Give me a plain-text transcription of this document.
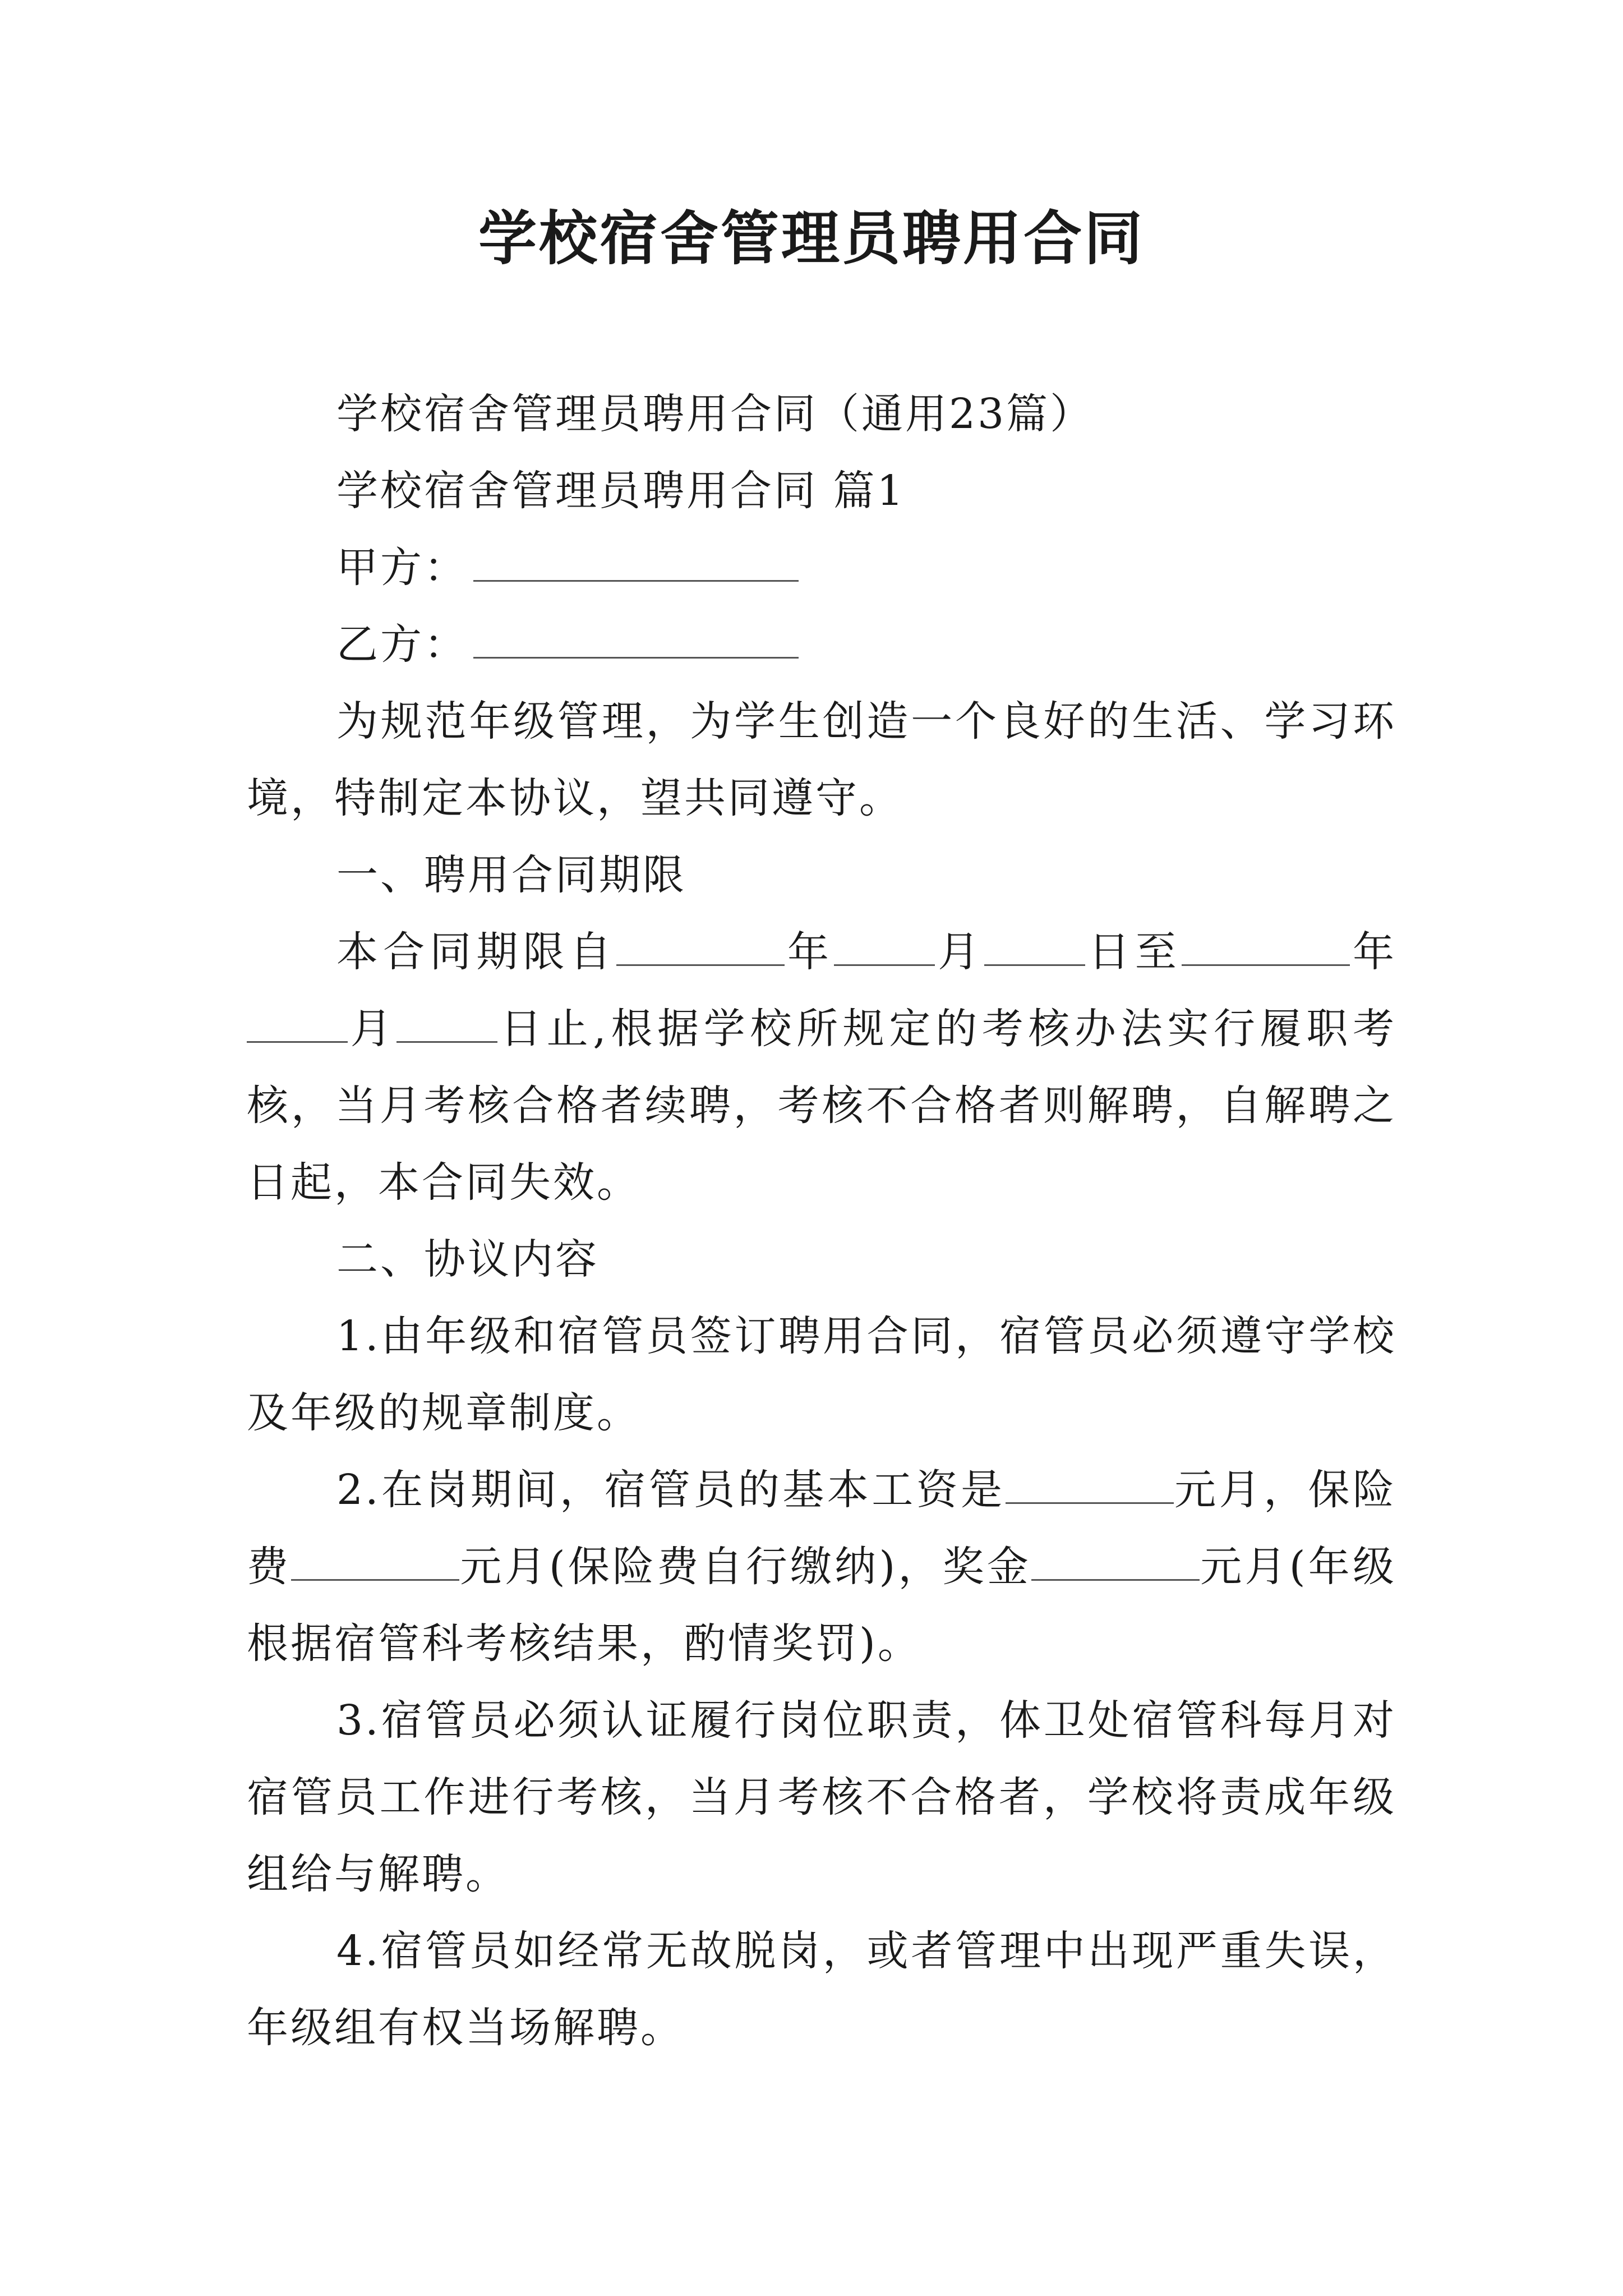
学校宿舍管理员聘用合同

学校宿舍管理员聘用合同（通用23篇）

学校宿舍管理员聘用合同 篇1

甲方：

乙方：

为规范年级管理，为学生创造一个良好的生活、学习环境，特制定本协议，望共同遵守。

一、聘用合同期限

本合同期限自	年 月 日至	年月 日止,根据学校所规定的考核办法实行履职考核，当月考核合格者续聘，考核不合格者则解聘，自解聘之日起，本合同失效。

二、协议内容

1.由年级和宿管员签订聘用合同，宿管员必须遵守学校及年级的规章制度。

2.在岗期间，宿管员的基本工资是	元月，保险费	元月(保险费自行缴纳)，奖金	元月(年级根据宿管科考核结果，酌情奖罚)。

3.宿管员必须认证履行岗位职责，体卫处宿管科每月对宿管员工作进行考核，当月考核不合格者，学校将责成年级组给与解聘。

4.宿管员如经常无故脱岗，或者管理中出现严重失误，年级组有权当场解聘。
